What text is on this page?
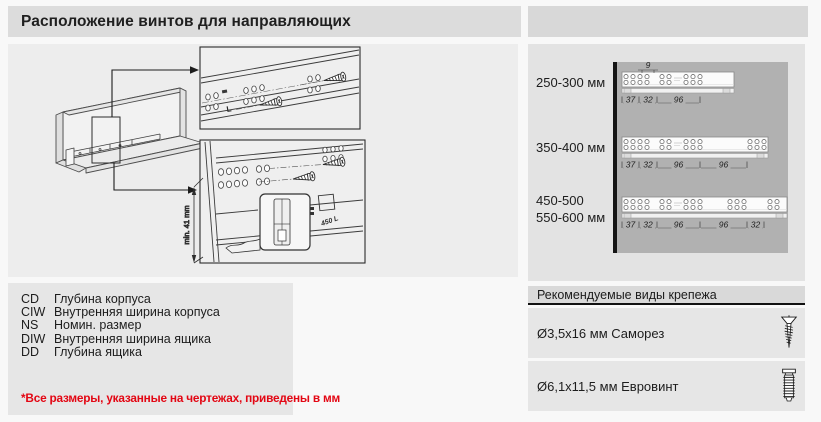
Расположение винтов для направляющих
L
450 L
min. 41 mm
250-300 мм
350-400 мм
450-500
550-600 мм
37 32 96
9
37 32 96	96
37 32 96	96	32
CD	Глубина корпуса
CIW Внутренняя ширина корпуса
NS	Номин. размер
DIW Внутренняя ширина ящика
DD	Глубина ящика
*Все размеры, указанные на чертежах, приведены в мм
Рекомендуемые виды крепежа
Ø3,5x16 мм Саморез
Ø6,1x11,5 мм Евровинт
